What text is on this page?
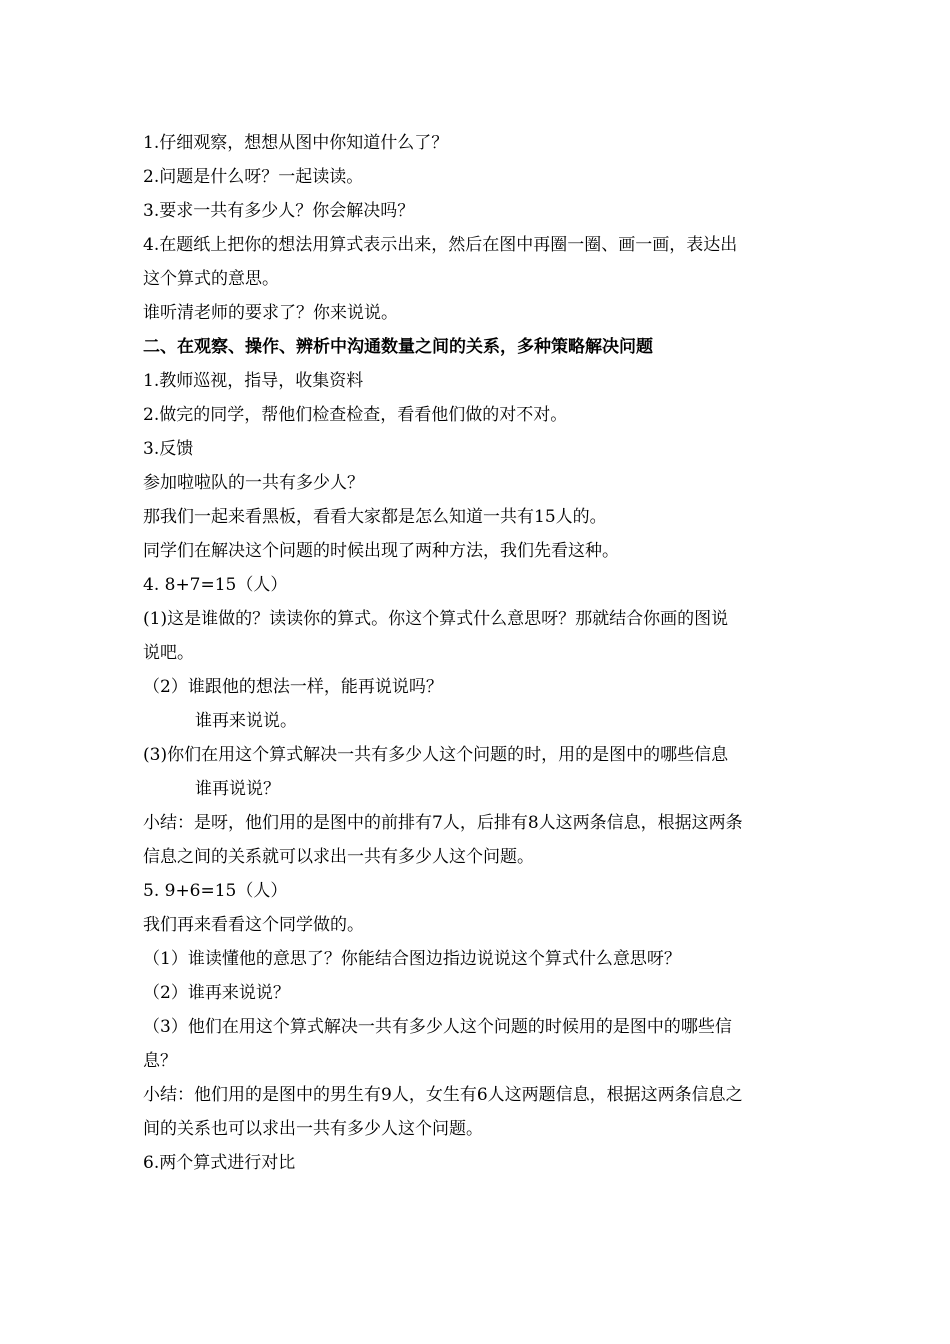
1.仔细观察，想想从图中你知道什么了？
2.问题是什么呀？一起读读。
3.要求一共有多少人？你会解决吗？
4.在题纸上把你的想法用算式表示出来，然后在图中再圈一圈、画一画，表达出
这个算式的意思。
谁听清老师的要求了？你来说说。
二、在观察、操作、辨析中沟通数量之间的关系，多种策略解决问题
1.教师巡视，指导，收集资料
2.做完的同学，帮他们检查检查，看看他们做的对不对。
3.反馈
参加啦啦队的一共有多少人？
那我们一起来看黑板，看看大家都是怎么知道一共有15人的。
同学们在解决这个问题的时候出现了两种方法，我们先看这种。
4. 8+7=15（人）
(1)这是谁做的？读读你的算式。你这个算式什么意思呀？那就结合你画的图说
说吧。
（2）谁跟他的想法一样，能再说说吗？
谁再来说说。
(3)你们在用这个算式解决一共有多少人这个问题的时，用的是图中的哪些信息
谁再说说？
小结：是呀，他们用的是图中的前排有7人，后排有8人这两条信息，根据这两条
信息之间的关系就可以求出一共有多少人这个问题。
5. 9+6=15（人）
我们再来看看这个同学做的。
（1）谁读懂他的意思了？你能结合图边指边说说这个算式什么意思呀？
（2）谁再来说说？
（3）他们在用这个算式解决一共有多少人这个问题的时候用的是图中的哪些信
息？
小结：他们用的是图中的男生有9人，女生有6人这两题信息，根据这两条信息之
间的关系也可以求出一共有多少人这个问题。
6.两个算式进行对比
